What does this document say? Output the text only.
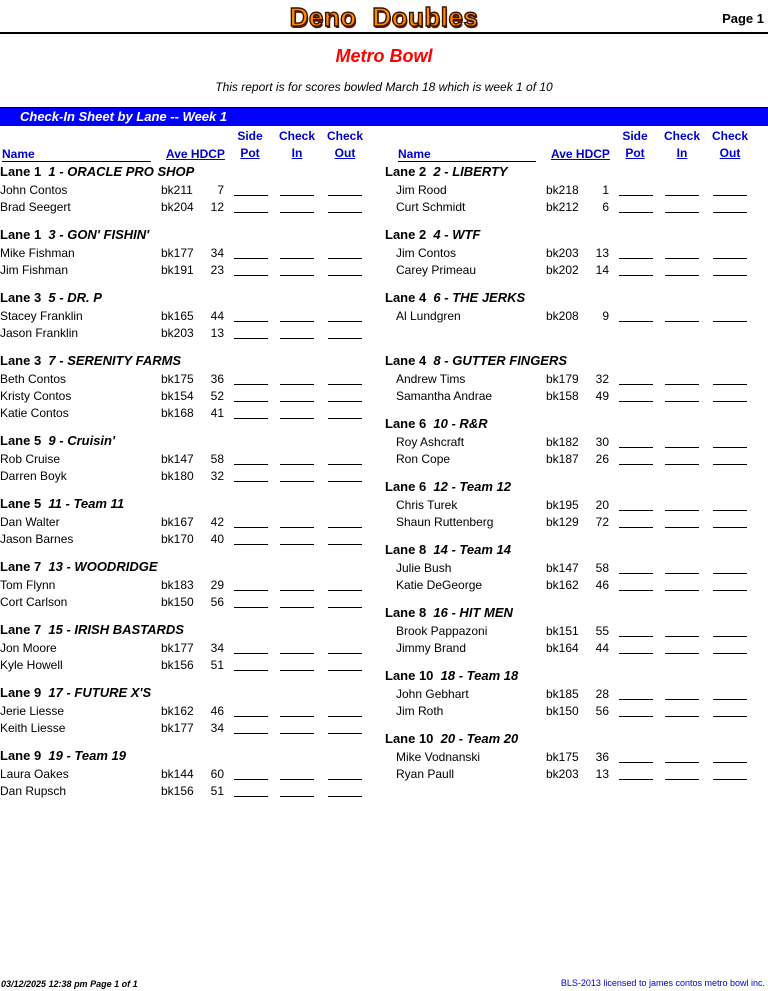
Deno Doubles	Page 1
Metro Bowl
This report is for scores bowled March 18 which is week 1 of 10
Check-In Sheet by Lane -- Week 1
Name	Ave HDCP
Side
Pot
Check
In
Check
Out
Lane 1 1 - ORACLE PRO SHOP
John Contos	bk211	7
Brad Seegert	bk204	12
Lane 1 3 - GON' FISHIN'
Mike Fishman	bk177	34
Jim Fishman	bk191	23
Lane 3 5 - DR. P
Stacey Franklin	bk165	44
Jason Franklin	bk203	13
Lane 3 7 - SERENITY FARMS
Beth Contos	bk175	36
Kristy Contos	bk154	52
Katie Contos	bk168	41
Lane 5 9 - Cruisin'
Rob Cruise	bk147	58
Darren Boyk	bk180	32
Lane 5 11 - Team 11
Dan Walter	bk167	42
Jason Barnes	bk170	40
Lane 7 13 - WOODRIDGE
Tom Flynn	bk183	29
Cort Carlson	bk150	56
Lane 7 15 - IRISH BASTARDS
Jon Moore	bk177	34
Kyle Howell	bk156	51
Lane 9 17 - FUTURE X'S
Jerie Liesse	bk162	46
Keith Liesse	bk177	34
Lane 9 19 - Team 19
Laura Oakes	bk144	60
Dan Rupsch	bk156	51
Name	Ave HDCP
Side
Pot
Check
In
Check
Out
Lane 2 2 - LIBERTY
Jim Rood	bk218	1
Curt Schmidt	bk212	6
Lane 2 4 - WTF
Jim Contos	bk203	13
Carey Primeau	bk202	14
Lane 4 6 - THE JERKS
Al Lundgren	bk208	9
Lane 4 8 - GUTTER FINGERS
Andrew Tims	bk179	32
Samantha Andrae	bk158	49
Lane 6 10 - R&R
Roy Ashcraft	bk182	30
Ron Cope	bk187	26
Lane 6 12 - Team 12
Chris Turek	bk195	20
Shaun Ruttenberg	bk129	72
Lane 8 14 - Team 14
Julie Bush	bk147	58
Katie DeGeorge	bk162	46
Lane 8 16 - HIT MEN
Brook Pappazoni	bk151	55
Jimmy Brand	bk164	44
Lane 10 18 - Team 18
John Gebhart	bk185	28
Jim Roth	bk150	56
Lane 10 20 - Team 20
Mike Vodnanski	bk175	36
Ryan Paull	bk203	13
03/12/2025 12:38 pm Page 1 of 1	BLS-2013 licensed to james contos metro bowl inc.
